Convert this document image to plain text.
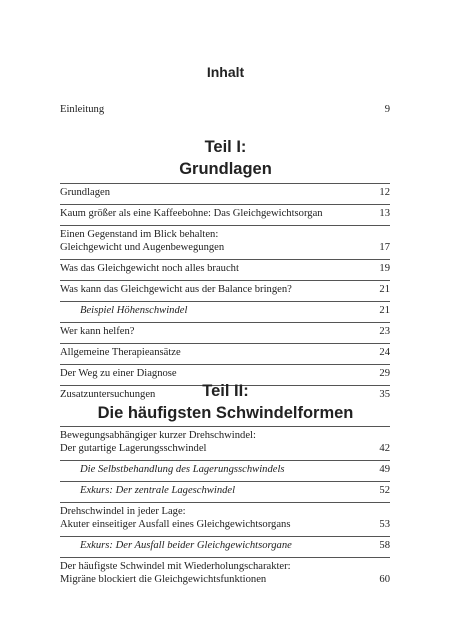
Inhalt
Einleitung	9
Teil I:
Grundlagen
Grundlagen	12
Kaum größer als eine Kaffeebohne: Das Gleichgewichtsorgan	13
Einen Gegenstand im Blick behalten:
Gleichgewicht und Augenbewegungen	17
Was das Gleichgewicht noch alles braucht	19
Was kann das Gleichgewicht aus der Balance bringen?	21
Beispiel Höhenschwindel	21
Wer kann helfen?	23
Allgemeine Therapieansätze	24
Der Weg zu einer Diagnose	29
Zusatzuntersuchungen	35
Teil II:
Die häufigsten Schwindelformen
Bewegungsabhängiger kurzer Drehschwindel:
Der gutartige Lagerungsschwindel	42
Die Selbstbehandlung des Lagerungsschwindels	49
Exkurs: Der zentrale Lageschwindel	52
Drehschwindel in jeder Lage:
Akuter einseitiger Ausfall eines Gleichgewichtsorgans	53
Exkurs: Der Ausfall beider Gleichgewichtsorgane	58
Der häufigste Schwindel mit Wiederholungscharakter:
Migräne blockiert die Gleichgewichtsfunktionen	60
